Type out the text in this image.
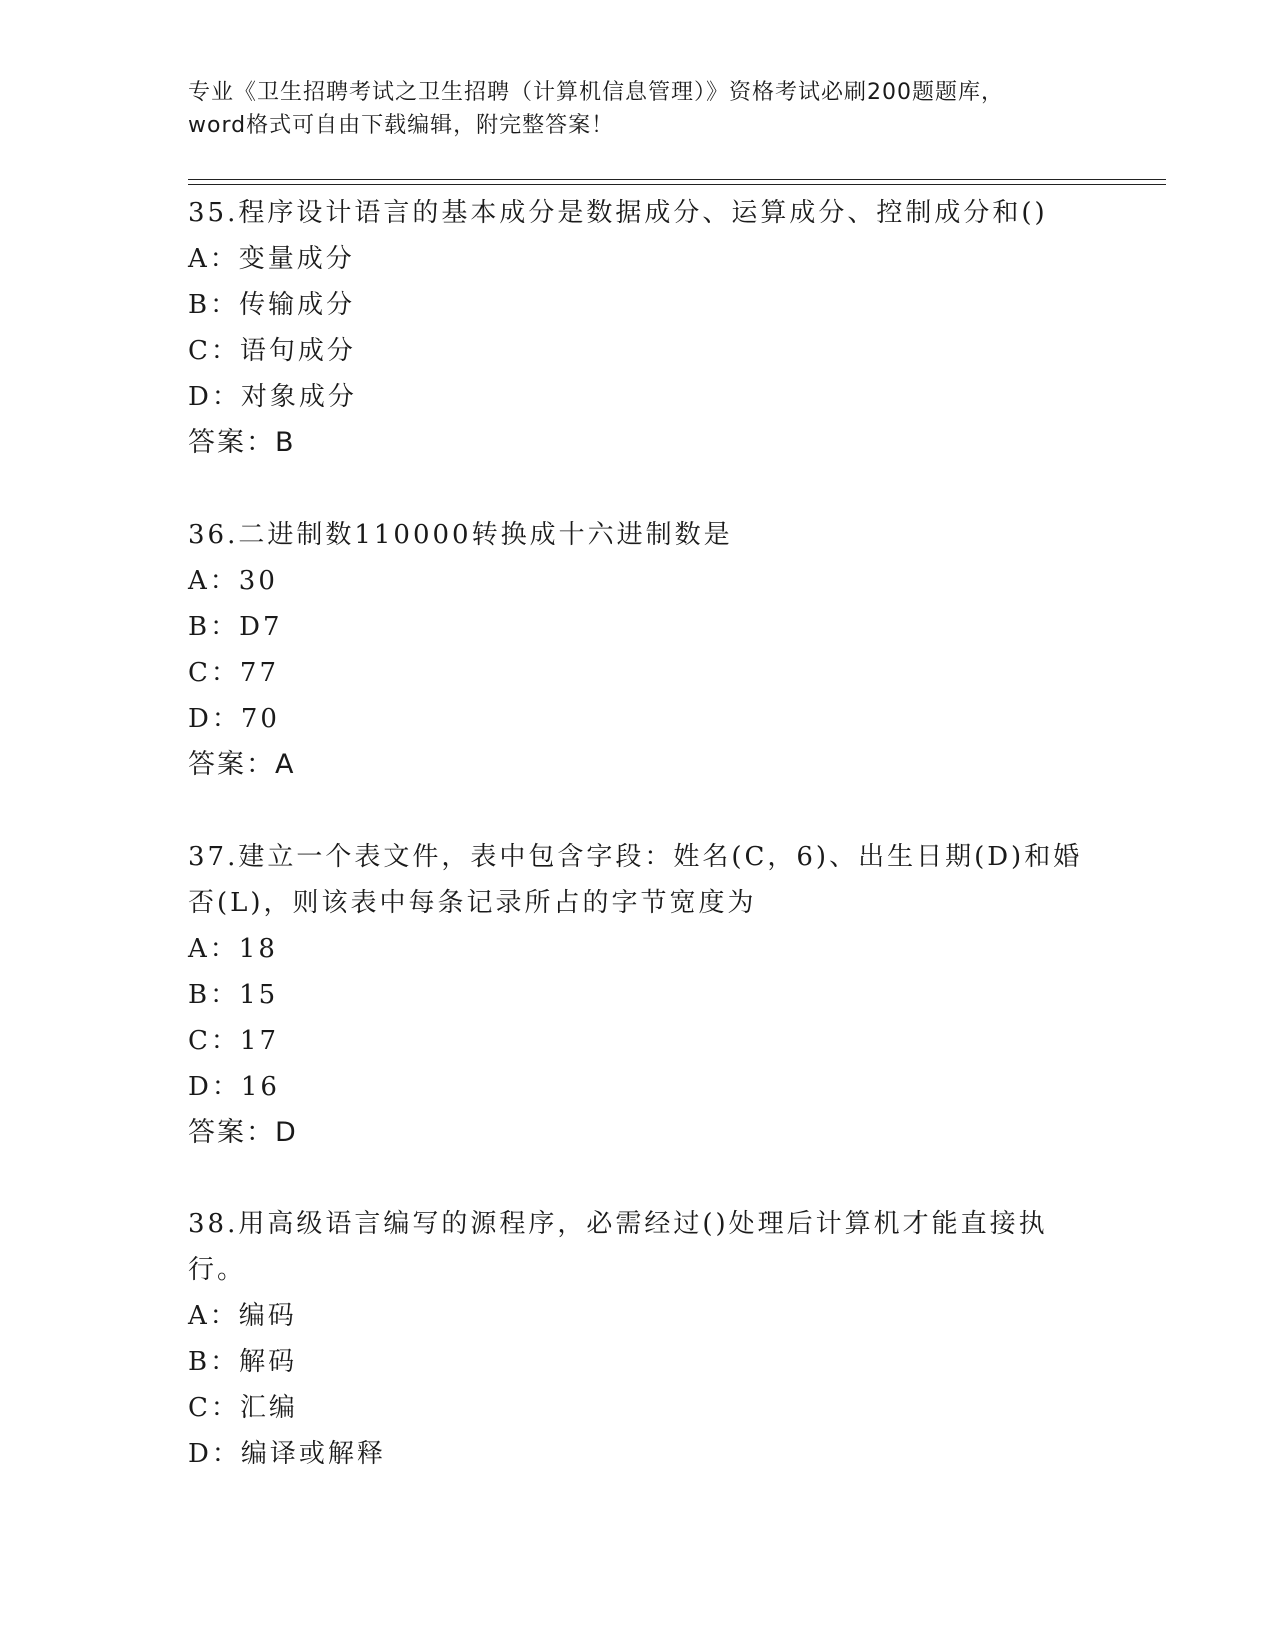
专业《卫生招聘考试之卫生招聘（计算机信息管理）》资格考试必刷200题题库，
word格式可自由下载编辑，附完整答案！

35.程序设计语言的基本成分是数据成分、运算成分、控制成分和()

A：变量成分
B：传输成分
C：语句成分
D：对象成分
答案：B

36.二进制数110000转换成十六进制数是

A：30
B：D7
C：77
D：70
答案：A

37.建立一个表文件，表中包含字段：姓名(C，6)、出生日期(D)和婚否(L)，则该表中每条记录所占的字节宽度为

A：18
B：15
C：17
D：16
答案：D

38.用高级语言编写的源程序，必需经过()处理后计算机才能直接执行。

A：编码
B：解码
C：汇编
D：编译或解释
